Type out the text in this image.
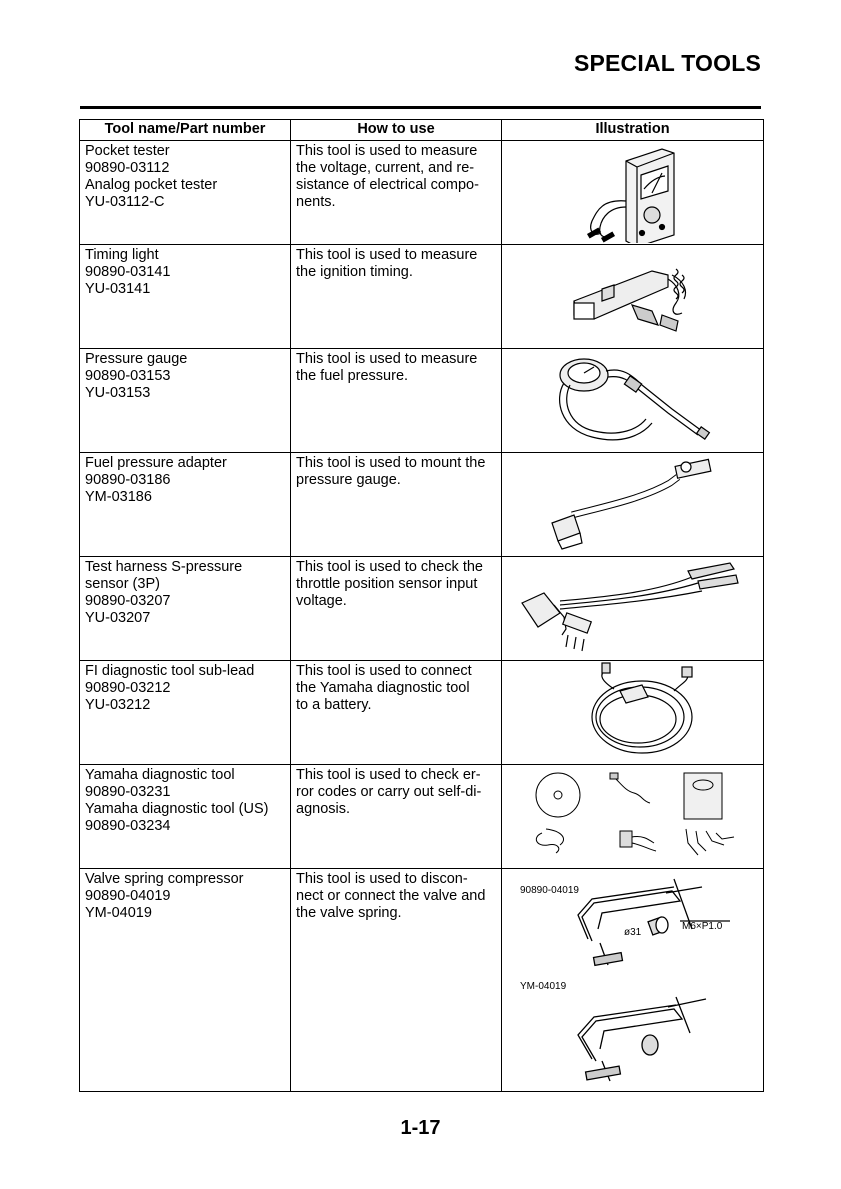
SPECIAL TOOLS
Tool name/Part number	How to use	Illustration

Pocket tester
90890-03112
Analog pocket tester
YU-03112-C	This tool is used to measure
the voltage, current, and re-
sistance of electrical compo-
nents.

Timing light
90890-03141
YU-03141	This tool is used to measure
the ignition timing.

Pressure gauge
90890-03153
YU-03153	This tool is used to measure
the fuel pressure.

Fuel pressure adapter
90890-03186
YM-03186	This tool is used to mount the
pressure gauge.

Test harness S-pressure
sensor (3P)
90890-03207
YU-03207	This tool is used to check the
throttle position sensor input
voltage.

FI diagnostic tool sub-lead
90890-03212
YU-03212	This tool is used to connect
the Yamaha diagnostic tool
to a battery.

Yamaha diagnostic tool
90890-03231
Yamaha diagnostic tool (US)
90890-03234	This tool is used to check er-
ror codes or carry out self-di-
agnosis.

Valve spring compressor
90890-04019
YM-04019	This tool is used to discon-
nect or connect the valve and
the valve spring.	90890-04019
M6×P1.0
ø31
YM-04019
1-17
